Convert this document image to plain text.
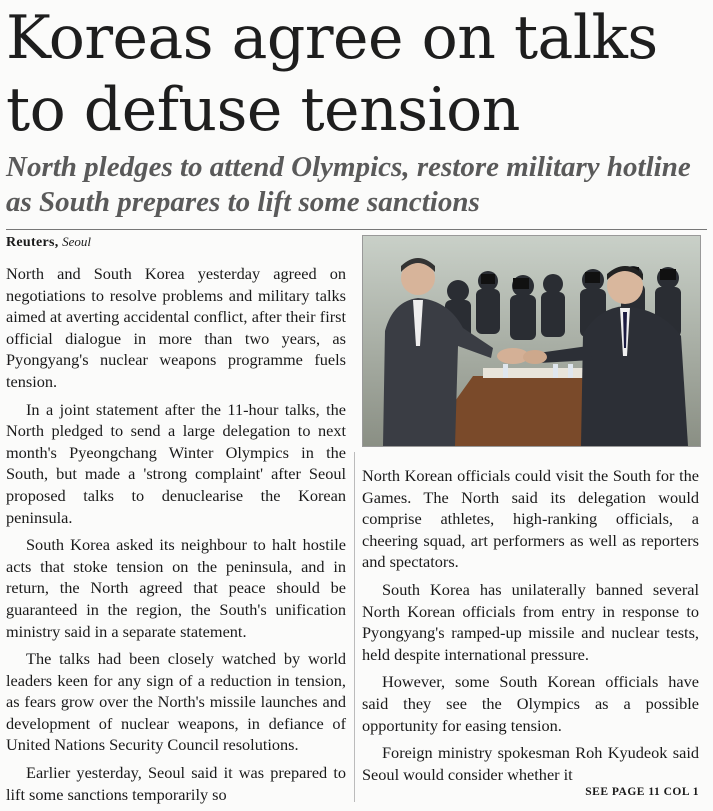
Koreas agree on talks to defuse tension
North pledges to attend Olympics, restore military hotline as South prepares to lift some sanctions
Reuters, Seoul

North and South Korea yesterday agreed on negotiations to resolve problems and military talks aimed at averting accidental conflict, after their first official dialogue in more than two years, as Pyongyang's nuclear weapons programme fuels tension.

In a joint statement after the 11-hour talks, the North pledged to send a large delegation to next month's Pyeongchang Winter Olympics in the South, but made a 'strong complaint' after Seoul proposed talks to denuclearise the Korean peninsula.

South Korea asked its neighbour to halt hostile acts that stoke tension on the peninsula, and in return, the North agreed that peace should be guaranteed in the region, the South's unification ministry said in a separate statement.

The talks had been closely watched by world leaders keen for any sign of a reduction in tension, as fears grow over the North's missile launches and development of nuclear weapons, in defiance of United Nations Security Council resolutions.

Earlier yesterday, Seoul said it was prepared to lift some sanctions temporarily so

North Korean officials could visit the South for the Games. The North said its delegation would comprise athletes, high-ranking officials, a cheering squad, art performers as well as reporters and spectators.

South Korea has unilaterally banned several North Korean officials from entry in response to Pyongyang's ramped-up missile and nuclear tests, held despite international pressure.

However, some South Korean officials have said they see the Olympics as a possible opportunity for easing tension.

Foreign ministry spokesman Roh Kyudeok said Seoul would consider whether it

SEE PAGE 11 COL 1
